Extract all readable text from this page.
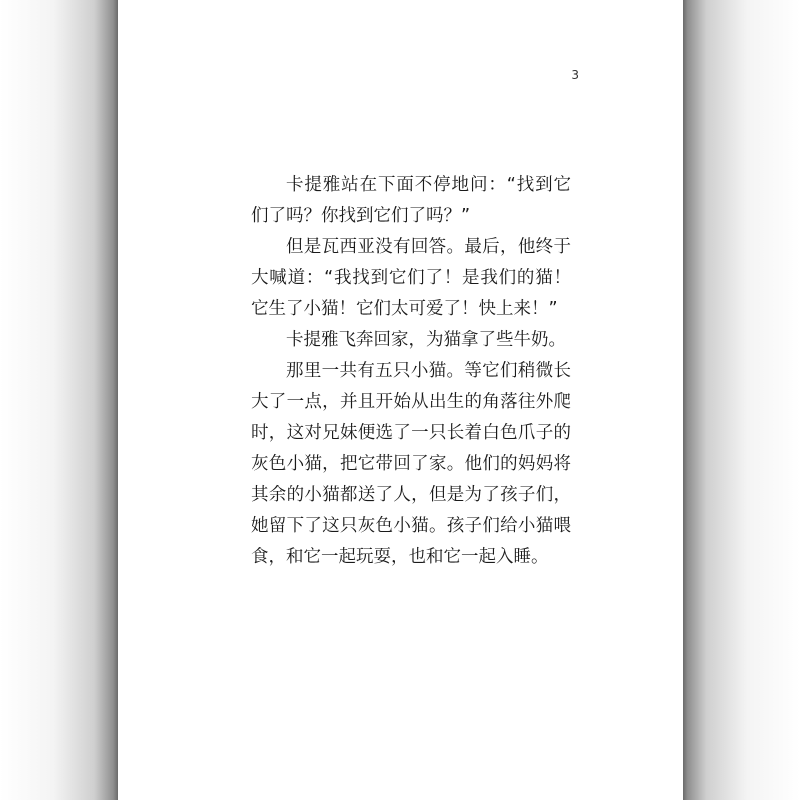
3

卡提雅站在下面不停地问：“找到它们了吗？你找到它们了吗？”

但是瓦西亚没有回答。最后，他终于大喊道：“我找到它们了！是我们的猫！它生了小猫！它们太可爱了！快上来！”

卡提雅飞奔回家，为猫拿了些牛奶。

那里一共有五只小猫。等它们稍微长大了一点，并且开始从出生的角落往外爬时，这对兄妹便选了一只长着白色爪子的灰色小猫，把它带回了家。他们的妈妈将其余的小猫都送了人，但是为了孩子们，她留下了这只灰色小猫。孩子们给小猫喂食，和它一起玩耍，也和它一起入睡。
